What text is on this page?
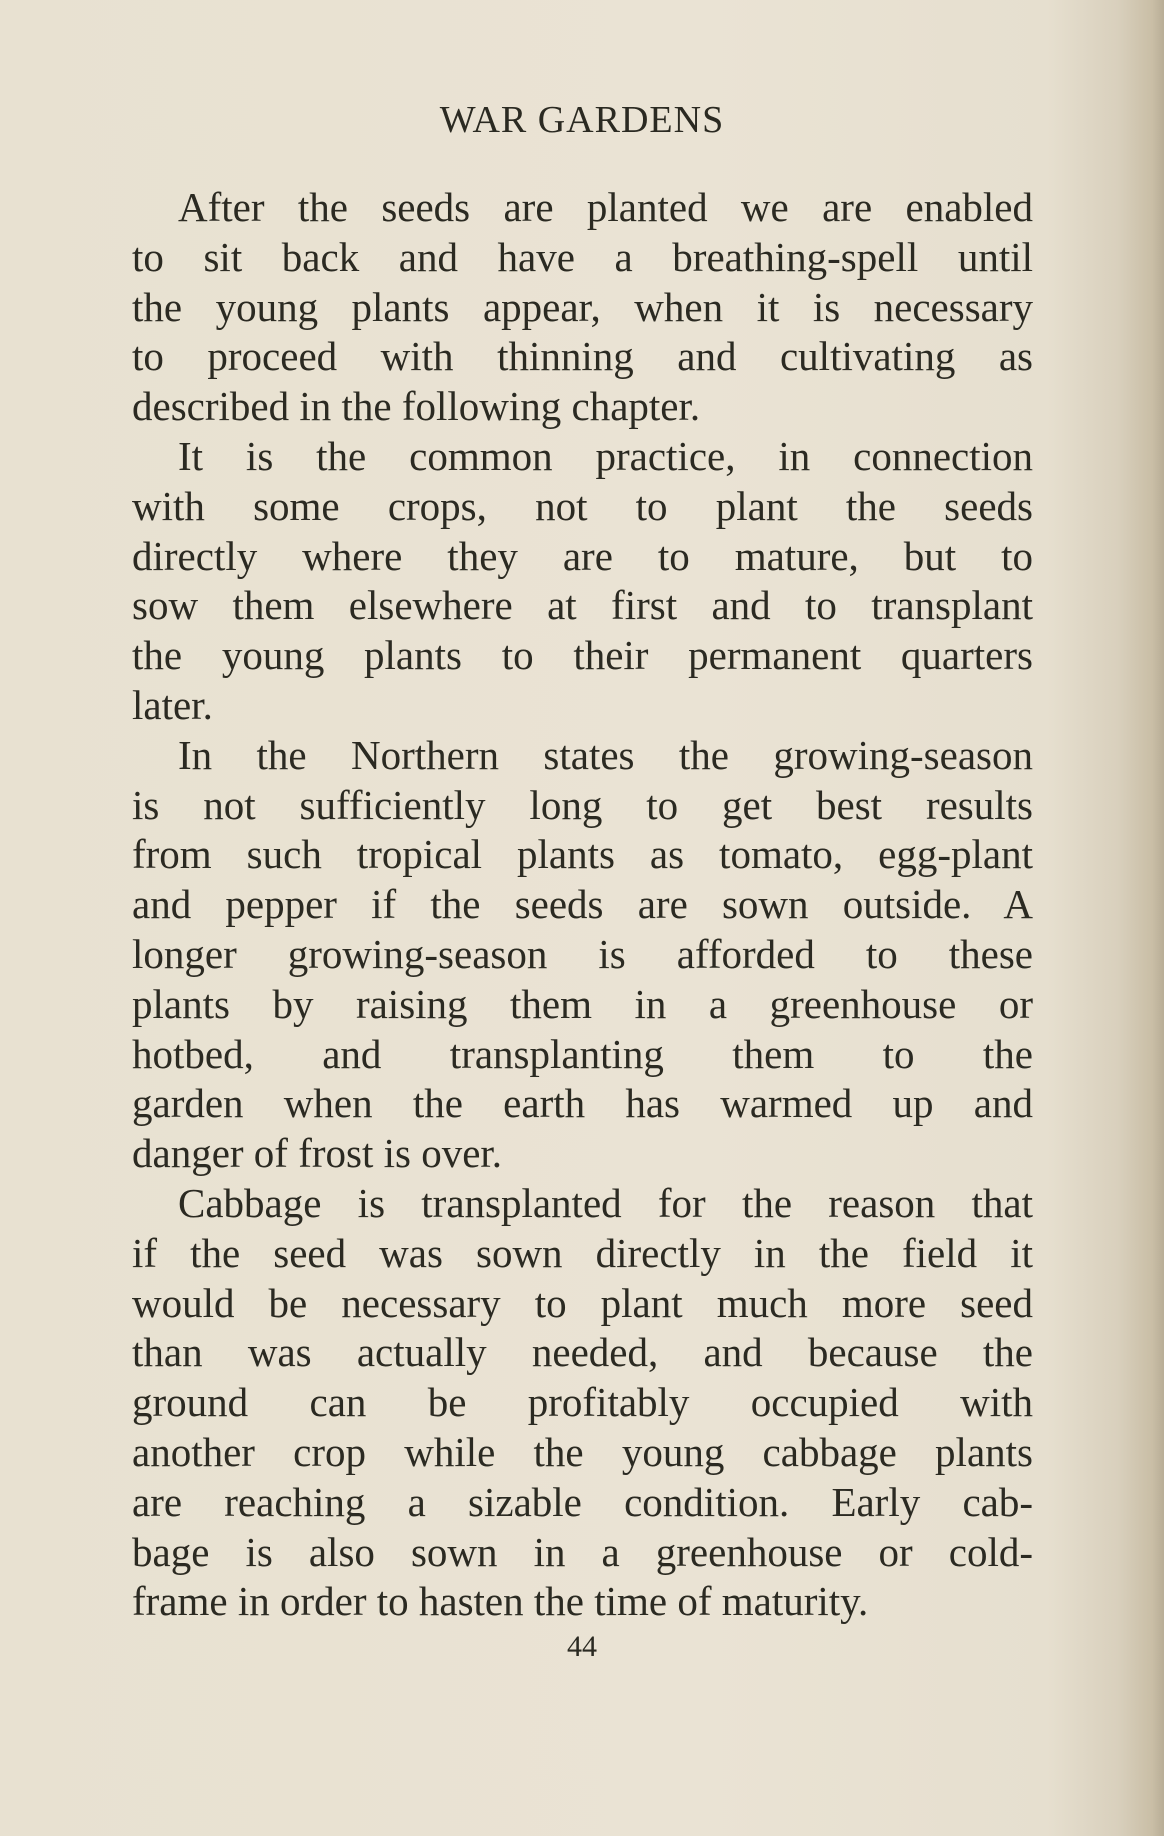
WAR GARDENS
After the seeds are planted we are enabled
to sit back and have a breathing-spell until
the young plants appear, when it is necessary
to proceed with thinning and cultivating as
described in the following chapter.
It is the common practice, in connection
with some crops, not to plant the seeds
directly where they are to mature, but to
sow them elsewhere at first and to transplant
the young plants to their permanent quarters
later.
In the Northern states the growing-season
is not sufficiently long to get best results
from such tropical plants as tomato, egg-plant
and pepper if the seeds are sown outside. A
longer growing-season is afforded to these
plants by raising them in a greenhouse or
hotbed, and transplanting them to the
garden when the earth has warmed up and
danger of frost is over.
Cabbage is transplanted for the reason that
if the seed was sown directly in the field it
would be necessary to plant much more seed
than was actually needed, and because the
ground can be profitably occupied with
another crop while the young cabbage plants
are reaching a sizable condition. Early cab-
bage is also sown in a greenhouse or cold-
frame in order to hasten the time of maturity.
44
